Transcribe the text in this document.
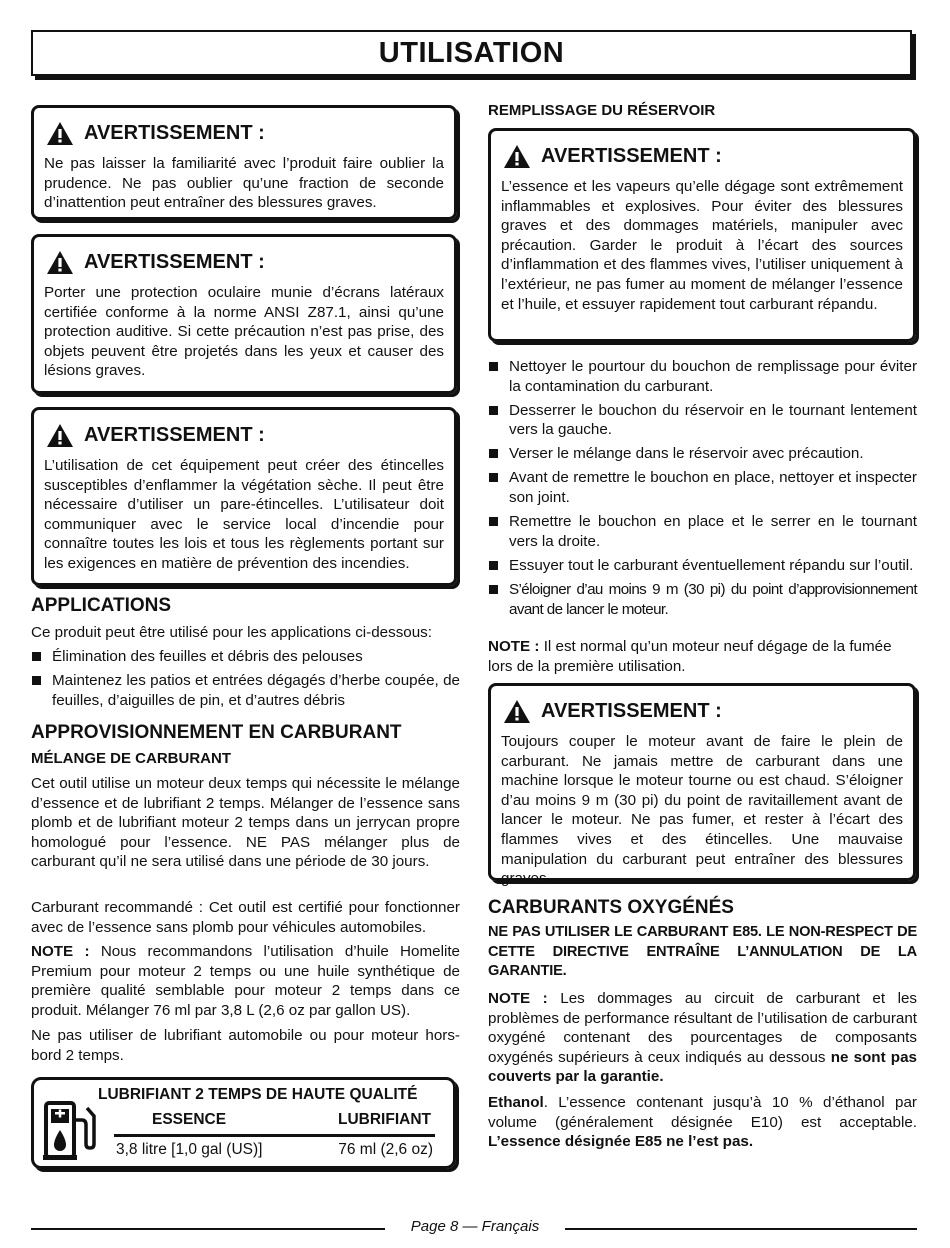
UTILISATION
AVERTISSEMENT :
Ne pas laisser la familiarité avec l’produit faire oublier la prudence. Ne pas oublier qu’une fraction de seconde d’inattention peut entraîner des blessures graves.
AVERTISSEMENT :
Porter une protection oculaire munie d’écrans latéraux certifiée conforme à la norme ANSI Z87.1, ainsi qu’une protection auditive. Si cette précaution n’est pas prise, des objets peuvent être projetés dans les yeux et causer des lésions graves.
AVERTISSEMENT :
L’utilisation de cet équipement peut créer des étincelles susceptibles d’enflammer la végétation sèche. Il peut être nécessaire d’utiliser un pare-étincelles. L’utilisateur doit communiquer avec le service local d’incendie pour connaître toutes les lois et tous les règlements portant sur les exigences en matière de prévention des incendies.
APPLICATIONS
Ce produit peut être utilisé pour les applications ci-dessous:
Élimination des feuilles et débris des pelouses
Maintenez les patios et entrées dégagés d’herbe coupée, de feuilles, d’aiguilles de pin, et d’autres débris
APPROVISIONNEMENT EN CARBURANT
MÉLANGE DE CARBURANT
Cet outil utilise un moteur deux temps qui nécessite le mélange d’essence et de lubrifiant 2 temps. Mélanger de l’essence sans plomb et de lubrifiant moteur 2 temps dans un jerrycan propre homologué pour l’essence. NE PAS mélanger plus de carburant qu’il ne sera utilisé dans une période de 30 jours.
Carburant recommandé : Cet outil est certifié pour fonctionner avec de l’essence sans plomb pour véhicules automobiles.
NOTE : Nous recommandons l’utilisation d’huile Homelite Premium pour moteur 2 temps ou une huile synthétique de première qualité semblable pour moteur 2 temps dans ce produit. Mélanger 76 ml par 3,8 L (2,6 oz par gallon US).
Ne pas utiliser de lubrifiant automobile ou pour moteur hors-bord 2 temps.
LUBRIFIANT 2 TEMPS DE HAUTE QUALITÉ
ESSENCE	LUBRIFIANT
3,8 litre [1,0 gal (US)]	76 ml (2,6 oz)
REMPLISSAGE DU RÉSERVOIR
AVERTISSEMENT :
L’essence et les vapeurs qu’elle dégage sont extrêmement inflammables et explosives. Pour éviter des blessures graves et des dommages matériels, manipuler avec précaution. Garder le produit à l’écart des sources d’inflammation et des flammes vives, l’utiliser uniquement à l’extérieur, ne pas fumer au moment de mélanger l’essence et l’huile, et essuyer rapidement tout carburant répandu.
Nettoyer le pourtour du bouchon de remplissage pour éviter la contamination du carburant.
Desserrer le bouchon du réservoir en le tournant lentement vers la gauche.
Verser le mélange dans le réservoir avec précaution.
Avant de remettre le bouchon en place, nettoyer et inspecter son joint.
Remettre le bouchon en place et le serrer en le tournant vers la droite.
Essuyer tout le carburant éventuellement répandu sur l’outil.
S’éloigner d’au moins 9 m (30 pi) du point d’approvisionnement avant de lancer le moteur.
NOTE : Il est normal qu’un moteur neuf dégage de la fumée lors de la première utilisation.
AVERTISSEMENT :
Toujours couper le moteur avant de faire le plein de carburant. Ne jamais mettre de carburant dans une machine lorsque le moteur tourne ou est chaud. S’éloigner d’au moins 9 m (30 pi) du point de ravitaillement avant de lancer le moteur. Ne pas fumer, et rester à l’écart des flammes vives et des étincelles. Une mauvaise manipulation du carburant peut entraîner des blessures graves.
CARBURANTS OXYGÉNÉS
NE PAS UTILISER LE CARBURANT E85. LE NON-RESPECT DE CETTE DIRECTIVE ENTRAÎNE L’ANNULATION DE LA GARANTIE.
NOTE : Les dommages au circuit de carburant et les problèmes de performance résultant de l’utilisation de carburant oxygéné contenant des pourcentages de composants oxygénés supérieurs à ceux indiqués au dessous ne sont pas couverts par la garantie.
Ethanol. L’essence contenant jusqu’à 10 % d’éthanol par volume (généralement désignée E10) est acceptable. L’essence désignée E85 ne l’est pas.
Page 8 — Français
